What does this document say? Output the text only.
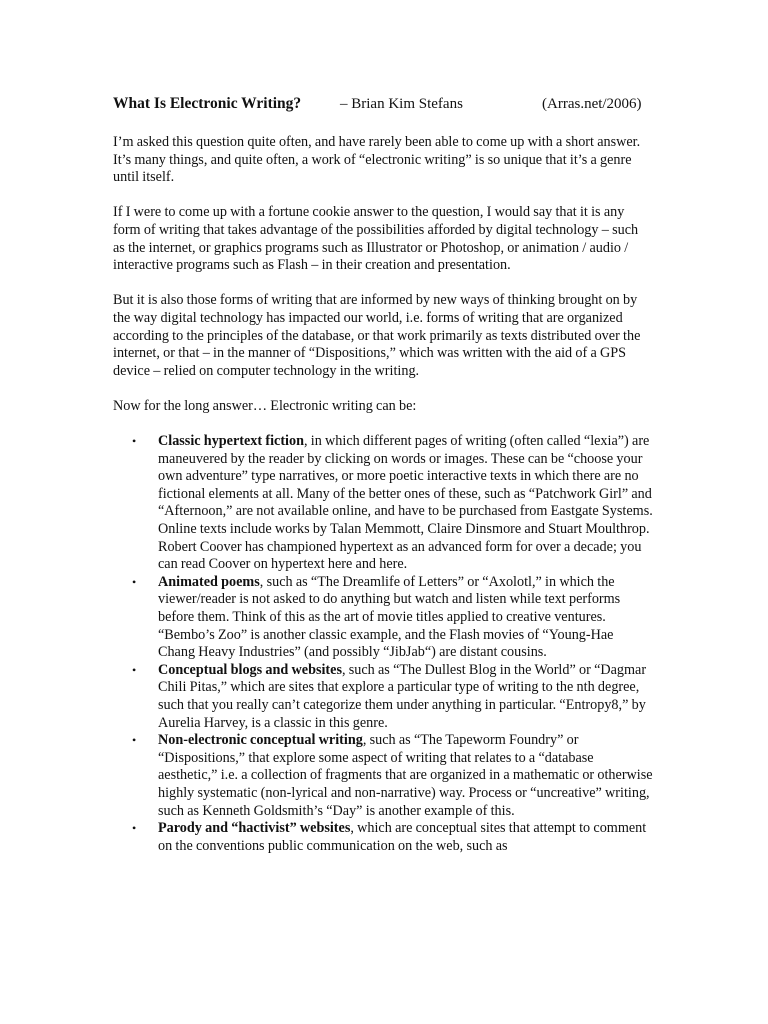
What Is Electronic Writing?	– Brian Kim Stefans	(Arras.net/2006)

I’m asked this question quite often, and have rarely been able to come up with a short answer. It’s many things, and quite often, a work of “electronic writing” is so unique that it’s a genre until itself.

If I were to come up with a fortune cookie answer to the question, I would say that it is any form of writing that takes advantage of the possibilities afforded by digital technology – such as the internet, or graphics programs such as Illustrator or Photoshop, or animation / audio / interactive programs such as Flash – in their creation and presentation.

But it is also those forms of writing that are informed by new ways of thinking brought on by the way digital technology has impacted our world, i.e. forms of writing that are organized according to the principles of the database, or that work primarily as texts distributed over the internet, or that – in the manner of “Dispositions,” which was written with the aid of a GPS device – relied on computer technology in the writing.

Now for the long answer… Electronic writing can be:

• Classic hypertext fiction, in which different pages of writing (often called “lexia”) are maneuvered by the reader by clicking on words or images. These can be “choose your own adventure” type narratives, or more poetic interactive texts in which there are no fictional elements at all. Many of the better ones of these, such as “Patchwork Girl” and “Afternoon,” are not available online, and have to be purchased from Eastgate Systems. Online texts include works by Talan Memmott, Claire Dinsmore and Stuart Moulthrop. Robert Coover has championed hypertext as an advanced form for over a decade; you can read Coover on hypertext here and here.
• Animated poems, such as “The Dreamlife of Letters” or “Axolotl,” in which the viewer/reader is not asked to do anything but watch and listen while text performs before them. Think of this as the art of movie titles applied to creative ventures. “Bembo’s Zoo” is another classic example, and the Flash movies of “Young-Hae Chang Heavy Industries” (and possibly “JibJab“) are distant cousins.
• Conceptual blogs and websites, such as “The Dullest Blog in the World” or “Dagmar Chili Pitas,” which are sites that explore a particular type of writing to the nth degree, such that you really can’t categorize them under anything in particular. “Entropy8,” by Aurelia Harvey, is a classic in this genre.
• Non-electronic conceptual writing, such as “The Tapeworm Foundry” or “Dispositions,” that explore some aspect of writing that relates to a “database aesthetic,” i.e. a collection of fragments that are organized in a mathematic or otherwise highly systematic (non-lyrical and non-narrative) way. Process or “uncreative” writing, such as Kenneth Goldsmith’s “Day” is another example of this.
• Parody and “hactivist” websites, which are conceptual sites that attempt to comment on the conventions public communication on the web, such as
